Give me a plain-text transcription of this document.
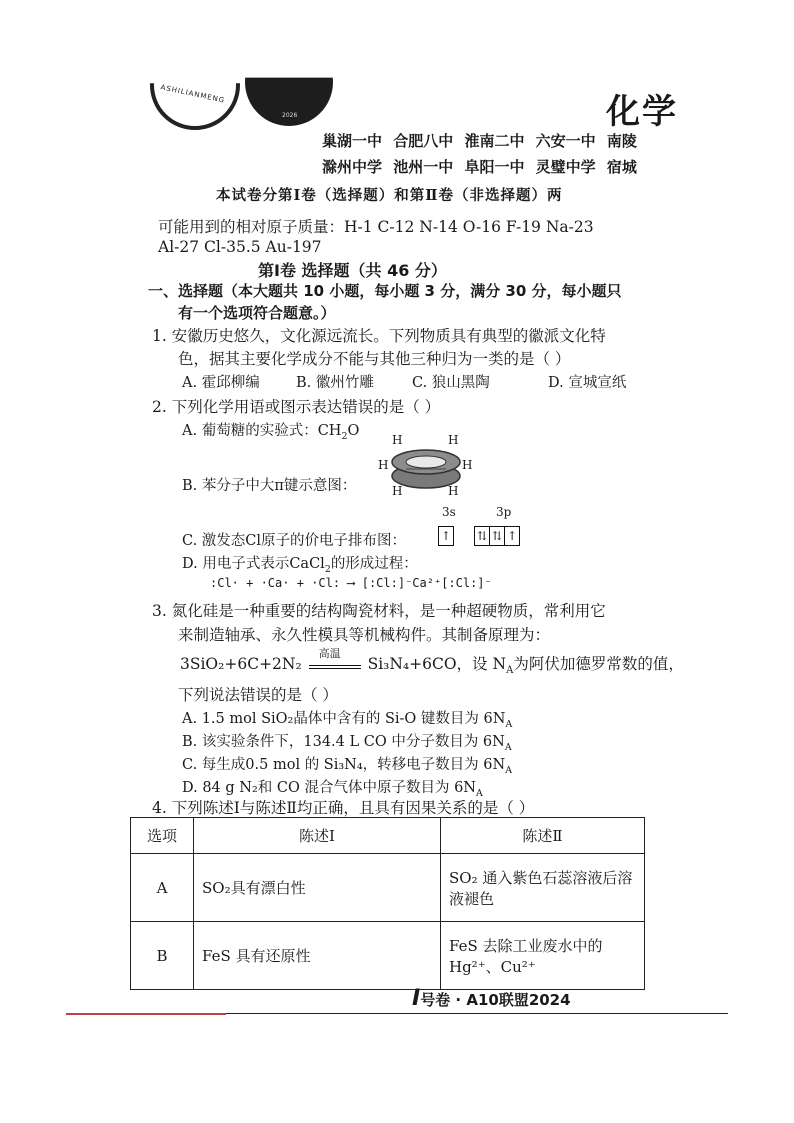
ASHILIANMENG
2026	化学
巢湖一中 合肥八中 淮南二中 六安一中 南陵
滁州中学 池州一中 阜阳一中 灵璧中学 宿城
本试卷分第Ⅰ卷（选择题）和第Ⅱ卷（非选择题）两
可能用到的相对原子质量：H-1 C-12 N-14 O-16 F-19 Na-23
Al-27 Cl-35.5 Au-197
第Ⅰ卷 选择题（共 46 分）
一、选择题（本大题共 10 小题，每小题 3 分，满分 30 分，每小题只
有一个选项符合题意。）
1. 安徽历史悠久，文化源远流长。下列物质具有典型的徽派文化特
色，据其主要化学成分不能与其他三种归为一类的是（ ）
A. 霍邱柳编	B. 徽州竹雕	C. 狼山黑陶	D. 宣城宣纸
2. 下列化学用语或图示表达错误的是（ ）
A. 葡萄糖的实验式：$CH_2O$
B. 苯分子中大π键示意图：
H	H
H	H
H	H
3s	3p
C. 激发态Cl原子的价电子排布图：	↑ ⇅ ⇅ ↑
D. 用电子式表示CaCl$_2$的形成过程：
:Cl· + ·Ca· + ·Cl: ⟶ [:Cl:]⁻Ca²⁺[:Cl:]⁻
3. 氮化硅是一种重要的结构陶瓷材料，是一种超硬物质，常利用它
来制造轴承、永久性模具等机械构件。其制备原理为：
3SiO₂+6C+2N₂
高温
Si₃N₄+6CO，设 $N_A$为阿伏加德罗常数的值，
下列说法错误的是（ ）
A. 1.5 mol SiO₂晶体中含有的 Si-O 键数目为 $6N_A$
B. 该实验条件下，134.4 L CO 中分子数目为 $6N_A$
C. 每生成0.5 mol 的 Si₃N₄，转移电子数目为 $6N_A$
D. 84 g N₂和 CO 混合气体中原子数目为 $6N_A$
4. 下列陈述Ⅰ与陈述Ⅱ均正确，且具有因果关系的是（ ）
选项	陈述Ⅰ	陈述Ⅱ
A	SO₂具有漂白性	SO₂ 通入紫色石蕊溶液后溶液褪色
B	FeS 具有还原性	FeS 去除工业废水中的 Hg²⁺、Cu²⁺
I号卷 · A10联盟2024
